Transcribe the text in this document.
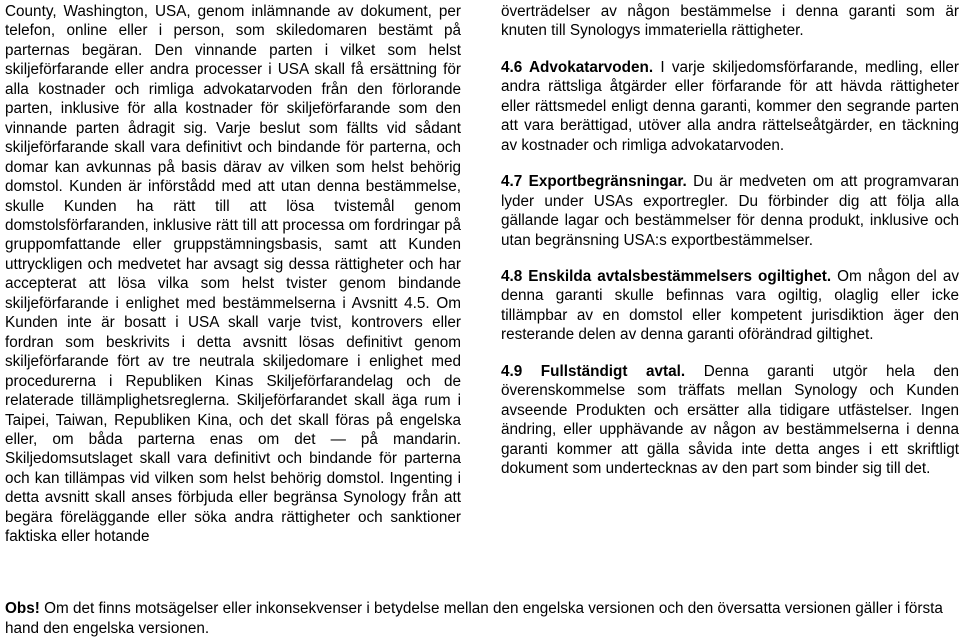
County, Washington, USA, genom inlämnande av dokument, per telefon, online eller i person, som skiledomaren bestämt på parternas begäran. Den vinnande parten i vilket som helst skiljeförfarande eller andra processer i USA skall få ersättning för alla kostnader och rimliga advokatarvoden från den förlorande parten, inklusive för alla kostnader för skiljeförfarande som den vinnande parten ådragit sig. Varje beslut som fällts vid sådant skiljeförfarande skall vara definitivt och bindande för parterna, och domar kan avkunnas på basis därav av vilken som helst behörig domstol. Kunden är införstådd med att utan denna bestämmelse, skulle Kunden ha rätt till att lösa tvistemål genom domstolsförfaranden, inklusive rätt till att processa om fordringar på gruppomfattande eller gruppstämningsbasis, samt att Kunden uttryckligen och medvetet har avsagt sig dessa rättigheter och har accepterat att lösa vilka som helst tvister genom bindande skiljeförfarande i enlighet med bestämmelserna i Avsnitt 4.5. Om Kunden inte är bosatt i USA skall varje tvist, kontrovers eller fordran som beskrivits i detta avsnitt lösas definitivt genom skiljeförfarande fört av tre neutrala skiljedomare i enlighet med procedurerna i Republiken Kinas Skiljeförfarandelag och de relaterade tillämplighetsreglerna. Skiljeförfarandet skall äga rum i Taipei, Taiwan, Republiken Kina, och det skall föras på engelska eller, om båda parterna enas om det — på mandarin. Skiljedomsutslaget skall vara definitivt och bindande för parterna och kan tillämpas vid vilken som helst behörig domstol. Ingenting i detta avsnitt skall anses förbjuda eller begränsa Synology från att begära föreläggande eller söka andra rättigheter och sanktioner faktiska eller hotande

överträdelser av någon bestämmelse i denna garanti som är knuten till Synologys immateriella rättigheter.

4.6 Advokatarvoden. I varje skiljedomsförfarande, medling, eller andra rättsliga åtgärder eller förfarande för att hävda rättigheter eller rättsmedel enligt denna garanti, kommer den segrande parten att vara berättigad, utöver alla andra rättelseåtgärder, en täckning av kostnader och rimliga advokatarvoden.

4.7 Exportbegränsningar. Du är medveten om att programvaran lyder under USAs exportregler. Du förbinder dig att följa alla gällande lagar och bestämmelser för denna produkt, inklusive och utan begränsning USA:s exportbestämmelser.

4.8 Enskilda avtalsbestämmelsers ogiltighet. Om någon del av denna garanti skulle befinnas vara ogiltig, olaglig eller icke tillämpbar av en domstol eller kompetent jurisdiktion äger den resterande delen av denna garanti oförändrad giltighet.

4.9 Fullständigt avtal. Denna garanti utgör hela den överenskommelse som träffats mellan Synology och Kunden avseende Produkten och ersätter alla tidigare utfästelser. Ingen ändring, eller upphävande av någon av bestämmelserna i denna garanti kommer att gälla såvida inte detta anges i ett skriftligt dokument som undertecknas av den part som binder sig till det.

Obs! Om det finns motsägelser eller inkonsekvenser i betydelse mellan den engelska versionen och den översatta versionen gäller i första hand den engelska versionen.
